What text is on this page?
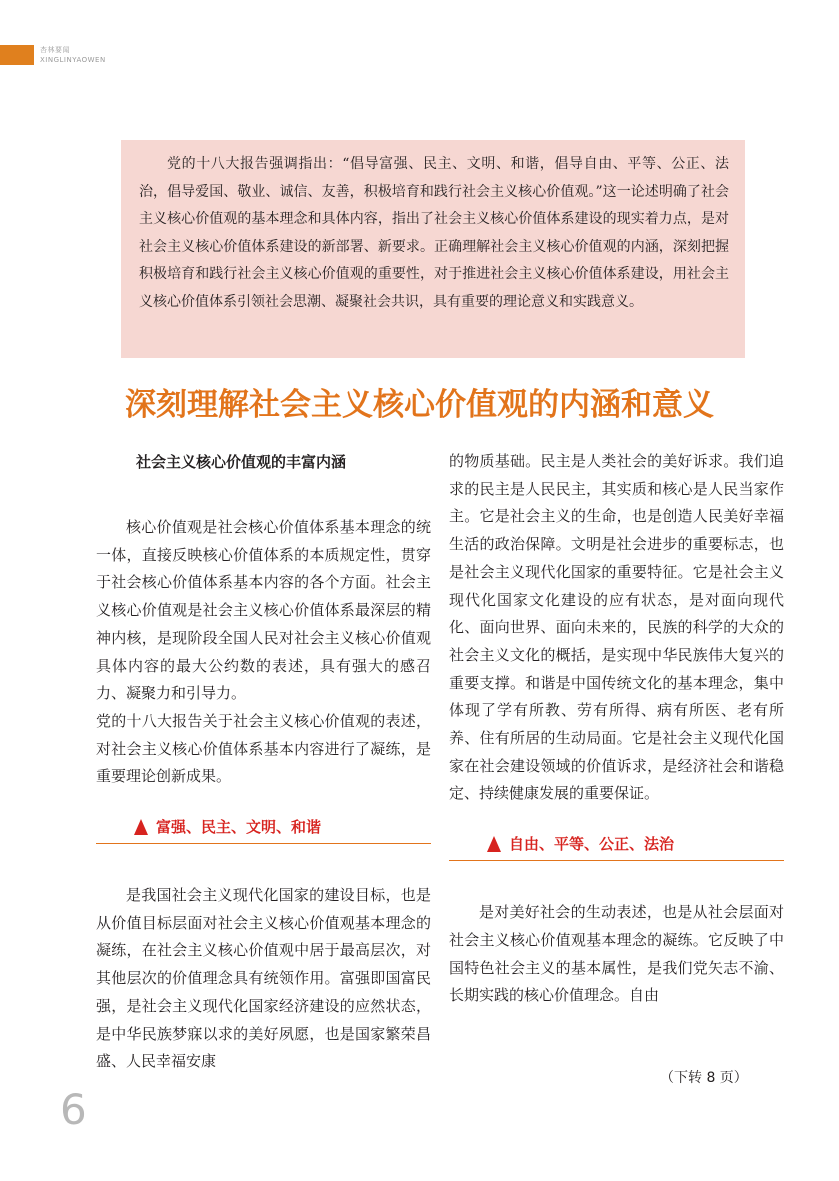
杏林要闻
XINGLINYAOWEN

党的十八大报告强调指出：“倡导富强、民主、文明、和谐，倡导自由、平等、公正、法治，倡导爱国、敬业、诚信、友善，积极培育和践行社会主义核心价值观。”这一论述明确了社会主义核心价值观的基本理念和具体内容，指出了社会主义核心价值体系建设的现实着力点，是对社会主义核心价值体系建设的新部署、新要求。正确理解社会主义核心价值观的内涵，深刻把握积极培育和践行社会主义核心价值观的重要性，对于推进社会主义核心价值体系建设，用社会主义核心价值体系引领社会思潮、凝聚社会共识，具有重要的理论意义和实践意义。

深刻理解社会主义核心价值观的内涵和意义
社会主义核心价值观的丰富内涵

核心价值观是社会核心价值体系基本理念的统一体，直接反映核心价值体系的本质规定性，贯穿于社会核心价值体系基本内容的各个方面。社会主义核心价值观是社会主义核心价值体系最深层的精神内核，是现阶段全国人民对社会主义核心价值观具体内容的最大公约数的表述，具有强大的感召力、凝聚力和引导力。

党的十八大报告关于社会主义核心价值观的表述，对社会主义核心价值体系基本内容进行了凝练，是重要理论创新成果。

富强、民主、文明、和谐

是我国社会主义现代化国家的建设目标，也是从价值目标层面对社会主义核心价值观基本理念的凝练，在社会主义核心价值观中居于最高层次，对其他层次的价值理念具有统领作用。富强即国富民强，是社会主义现代化国家经济建设的应然状态，是中华民族梦寐以求的美好夙愿，也是国家繁荣昌盛、人民幸福安康

的物质基础。民主是人类社会的美好诉求。我们追求的民主是人民民主，其实质和核心是人民当家作主。它是社会主义的生命，也是创造人民美好幸福生活的政治保障。文明是社会进步的重要标志，也是社会主义现代化国家的重要特征。它是社会主义现代化国家文化建设的应有状态，是对面向现代化、面向世界、面向未来的，民族的科学的大众的社会主义文化的概括，是实现中华民族伟大复兴的重要支撑。和谐是中国传统文化的基本理念，集中体现了学有所教、劳有所得、病有所医、老有所养、住有所居的生动局面。它是社会主义现代化国家在社会建设领域的价值诉求，是经济社会和谐稳定、持续健康发展的重要保证。

自由、平等、公正、法治

是对美好社会的生动表述，也是从社会层面对社会主义核心价值观基本理念的凝练。它反映了中国特色社会主义的基本属性，是我们党矢志不渝、长期实践的核心价值理念。自由

（下转 8 页）
6
